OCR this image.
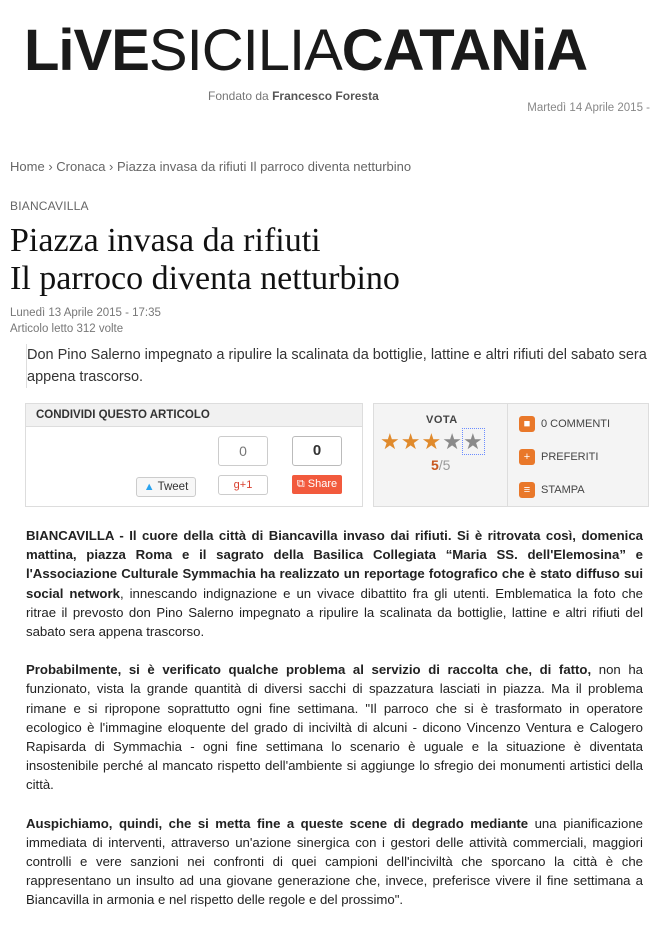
LiVESICILIACATANiA
Fondato da Francesco Foresta
Martedì 14 Aprile 2015 -
Home › Cronaca › Piazza invasa da rifiuti Il parroco diventa netturbino
BIANCAVILLA
Piazza invasa da rifiuti
Il parroco diventa netturbino
Lunedì 13 Aprile 2015 - 17:35
Articolo letto 312 volte
Don Pino Salerno impegnato a ripulire la scalinata da bottiglie, lattine e altri rifiuti del sabato sera appena trascorso.
CONDIVIDI QUESTO ARTICOLO
▲ Tweet
0
g+1
0
⧉ Share
VOTA
★★★★★
5/5
■ 0 COMMENTI
+ PREFERITI
≡ STAMPA

BIANCAVILLA - Il cuore della città di Biancavilla invaso dai rifiuti. Si è ritrovata così, domenica mattina, piazza Roma e il sagrato della Basilica Collegiata “Maria SS. dell'Elemosina” e l'Associazione Culturale Symmachia ha realizzato un reportage fotografico che è stato diffuso sui social network, innescando indignazione e un vivace dibattito fra gli utenti. Emblematica la foto che ritrae il prevosto don Pino Salerno impegnato a ripulire la scalinata da bottiglie, lattine e altri rifiuti del sabato sera appena trascorso.

Probabilmente, si è verificato qualche problema al servizio di raccolta che, di fatto, non ha funzionato, vista la grande quantità di diversi sacchi di spazzatura lasciati in piazza. Ma il problema rimane e si ripropone soprattutto ogni fine settimana. "Il parroco che si è trasformato in operatore ecologico è l'immagine eloquente del grado di inciviltà di alcuni - dicono Vincenzo Ventura e Calogero Rapisarda di Symmachia - ogni fine settimana lo scenario è uguale e la situazione è diventata insostenibile perché al mancato rispetto dell'ambiente si aggiunge lo sfregio dei monumenti artistici della città.

Auspichiamo, quindi, che si metta fine a queste scene di degrado mediante una pianificazione immediata di interventi, attraverso un'azione sinergica con i gestori delle attività commerciali, maggiori controlli e vere sanzioni nei confronti di quei campioni dell'inciviltà che sporcano la città è che rappresentano un insulto ad una giovane generazione che, invece, preferisce vivere il fine settimana a Biancavilla in armonia e nel rispetto delle regole e del prossimo".
